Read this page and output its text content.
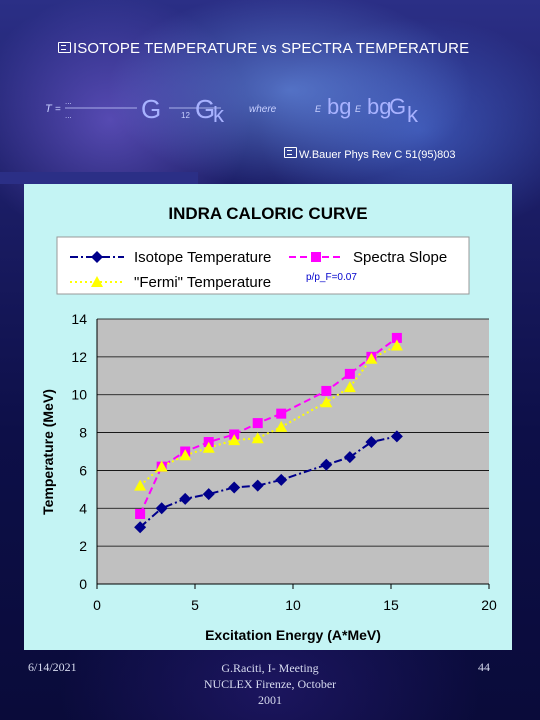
ISOTOPE TEMPERATURE vs SPECTRA TEMPERATURE
T =
...
...	G 12 G
k	where	E bg E bg
G k
W.Bauer Phys Rev C 51(95)803
INDRA CALORIC CURVE
Isotope Temperature	Spectra Slope
"Fermi" Temperature	p/p_F=0.07
0
2
4
6
8
10
12
14
0	5	10	15	20
Excitation Energy (A*MeV)
Temperature (MeV)
6/14/2021	G.Raciti, I- Meeting
NUCLEX Firenze, October
2001
44
